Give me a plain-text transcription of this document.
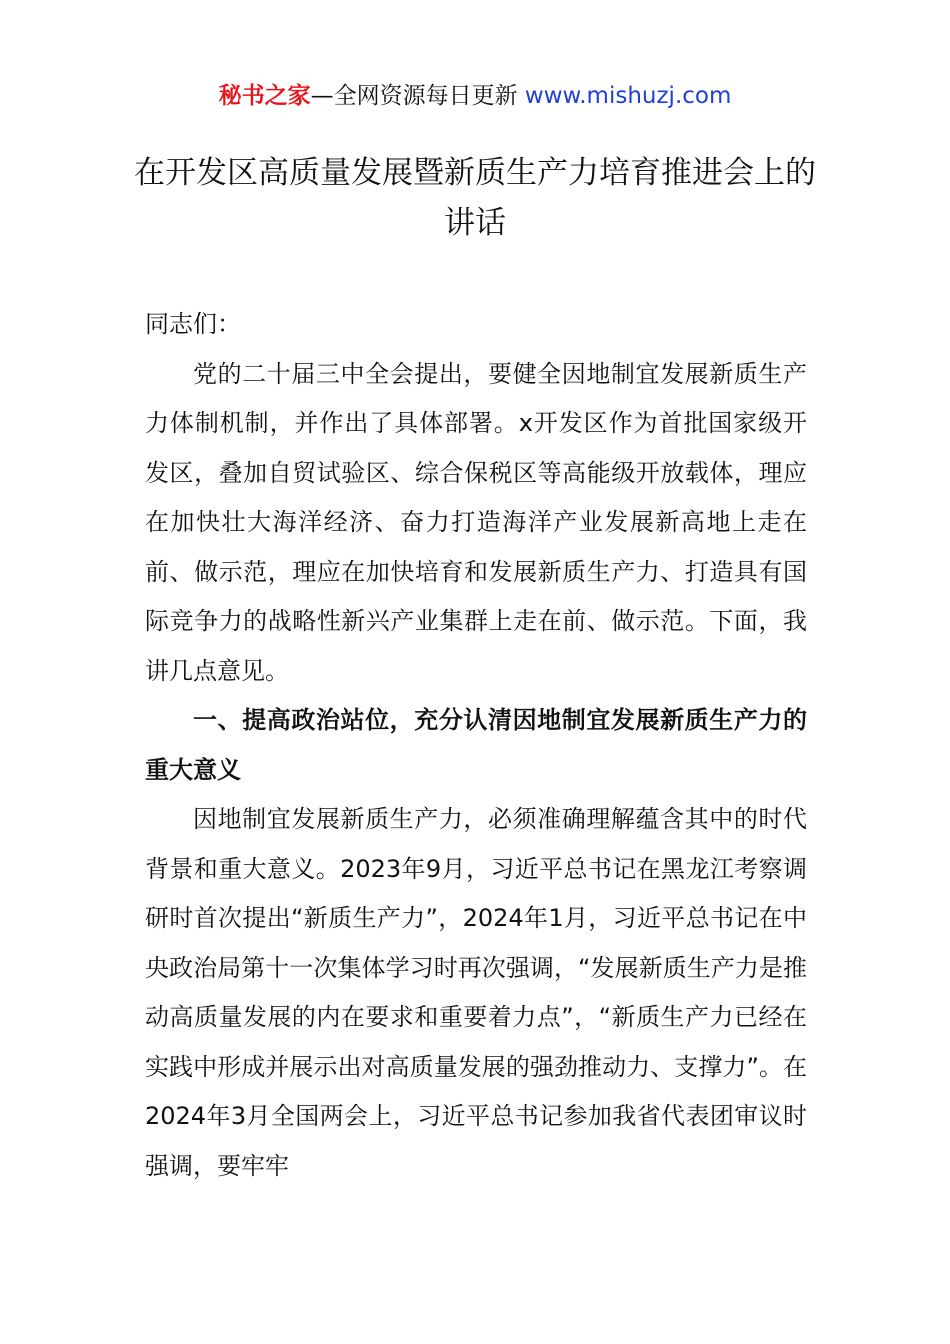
秘书之家—全网资源每日更新 www.mishuzj.com
在开发区高质量发展暨新质生产力培育推进会上的讲话

同志们：

党的二十届三中全会提出，要健全因地制宜发展新质生产力体制机制，并作出了具体部署。x开发区作为首批国家级开发区，叠加自贸试验区、综合保税区等高能级开放载体，理应在加快壮大海洋经济、奋力打造海洋产业发展新高地上走在前、做示范，理应在加快培育和发展新质生产力、打造具有国际竞争力的战略性新兴产业集群上走在前、做示范。下面，我讲几点意见。

一、提高政治站位，充分认清因地制宜发展新质生产力的重大意义

因地制宜发展新质生产力，必须准确理解蕴含其中的时代背景和重大意义。2023年9月，习近平总书记在黑龙江考察调研时首次提出“新质生产力”，2024年1月，习近平总书记在中央政治局第十一次集体学习时再次强调，“发展新质生产力是推动高质量发展的内在要求和重要着力点”，“新质生产力已经在实践中形成并展示出对高质量发展的强劲推动力、支撑力”。在2024年3月全国两会上，习近平总书记参加我省代表团审议时强调，要牢牢
